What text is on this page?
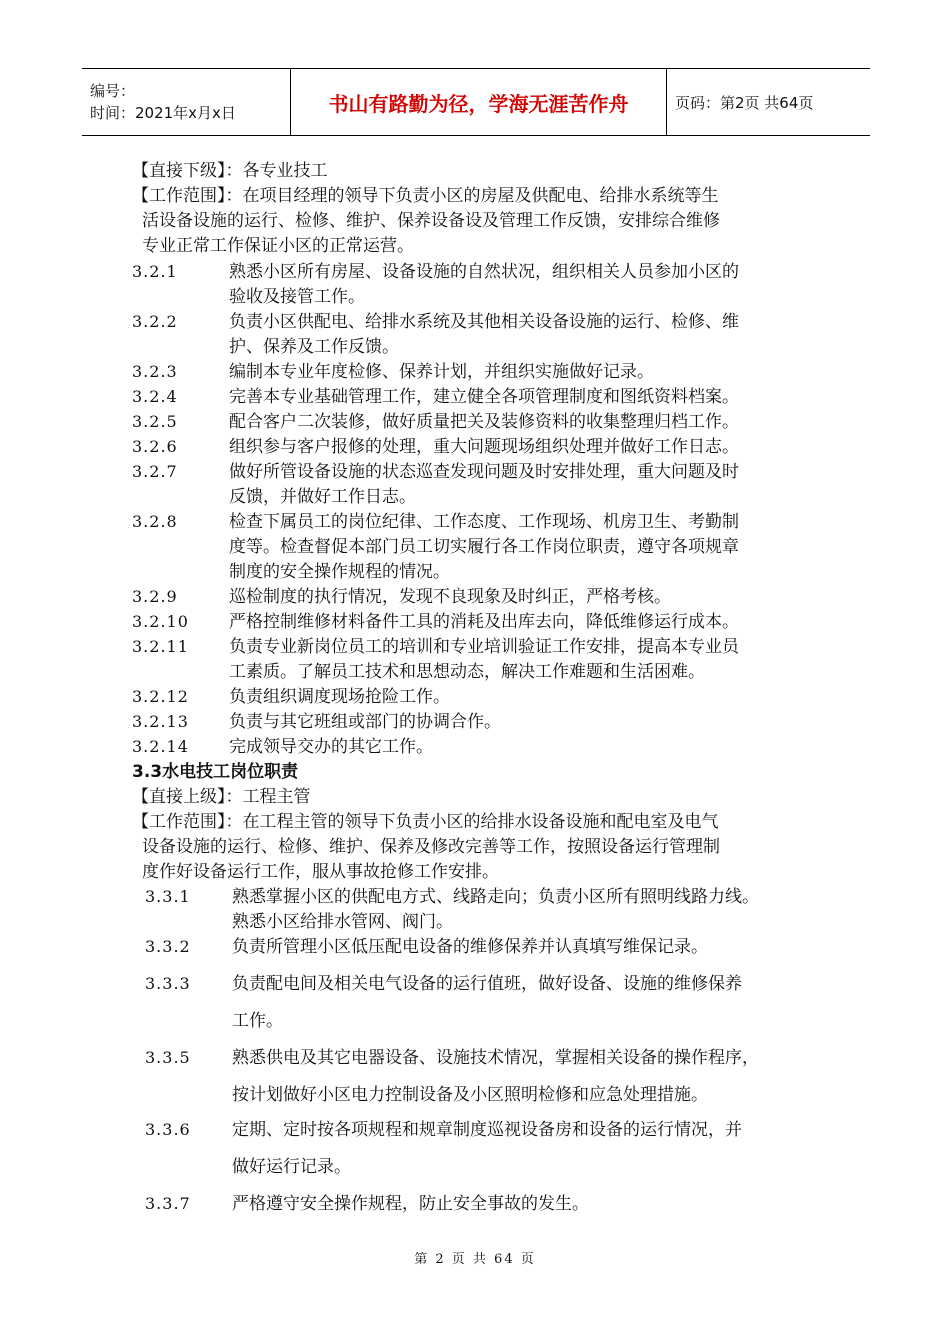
编号：
时间：2021年x月x日	书山有路勤为径，学海无涯苦作舟	页码：第2页 共64页
【直接下级】：各专业技工
【工作范围】：在项目经理的领导下负责小区的房屋及供配电、给排水系统等生
活设备设施的运行、检修、维护、保养设备设及管理工作反馈，安排综合维修
专业正常工作保证小区的正常运营。
3.2.1	熟悉小区所有房屋、设备设施的自然状况，组织相关人员参加小区的
验收及接管工作。
3.2.2	负责小区供配电、给排水系统及其他相关设备设施的运行、检修、维
护、保养及工作反馈。
3.2.3	编制本专业年度检修、保养计划，并组织实施做好记录。
3.2.4	完善本专业基础管理工作，建立健全各项管理制度和图纸资料档案。
3.2.5	配合客户二次装修，做好质量把关及装修资料的收集整理归档工作。
3.2.6	组织参与客户报修的处理，重大问题现场组织处理并做好工作日志。
3.2.7	做好所管设备设施的状态巡查发现问题及时安排处理，重大问题及时
反馈，并做好工作日志。
3.2.8	检查下属员工的岗位纪律、工作态度、工作现场、机房卫生、考勤制
度等。检查督促本部门员工切实履行各工作岗位职责，遵守各项规章
制度的安全操作规程的情况。
3.2.9	巡检制度的执行情况，发现不良现象及时纠正，严格考核。
3.2.10 严格控制维修材料备件工具的消耗及出库去向，降低维修运行成本。
3.2.11 负责专业新岗位员工的培训和专业培训验证工作安排，提高本专业员
工素质。了解员工技术和思想动态，解决工作难题和生活困难。
3.2.12 负责组织调度现场抢险工作。
3.2.13 负责与其它班组或部门的协调合作。
3.2.14 完成领导交办的其它工作。
3.3水电技工岗位职责
【直接上级】：工程主管
【工作范围】：在工程主管的领导下负责小区的给排水设备设施和配电室及电气
设备设施的运行、检修、维护、保养及修改完善等工作，按照设备运行管理制
度作好设备运行工作，服从事故抢修工作安排。
3.3.1 熟悉掌握小区的供配电方式、线路走向；负责小区所有照明线路力线。
熟悉小区给排水管网、阀门。
3.3.2 负责所管理小区低压配电设备的维修保养并认真填写维保记录。
3.3.3 负责配电间及相关电气设备的运行值班，做好设备、设施的维修保养
工作。
3.3.5 熟悉供电及其它电器设备、设施技术情况，掌握相关设备的操作程序，
按计划做好小区电力控制设备及小区照明检修和应急处理措施。
3.3.6 定期、定时按各项规程和规章制度巡视设备房和设备的运行情况，并
做好运行记录。
3.3.7 严格遵守安全操作规程，防止安全事故的发生。
第 2 页 共 64 页
